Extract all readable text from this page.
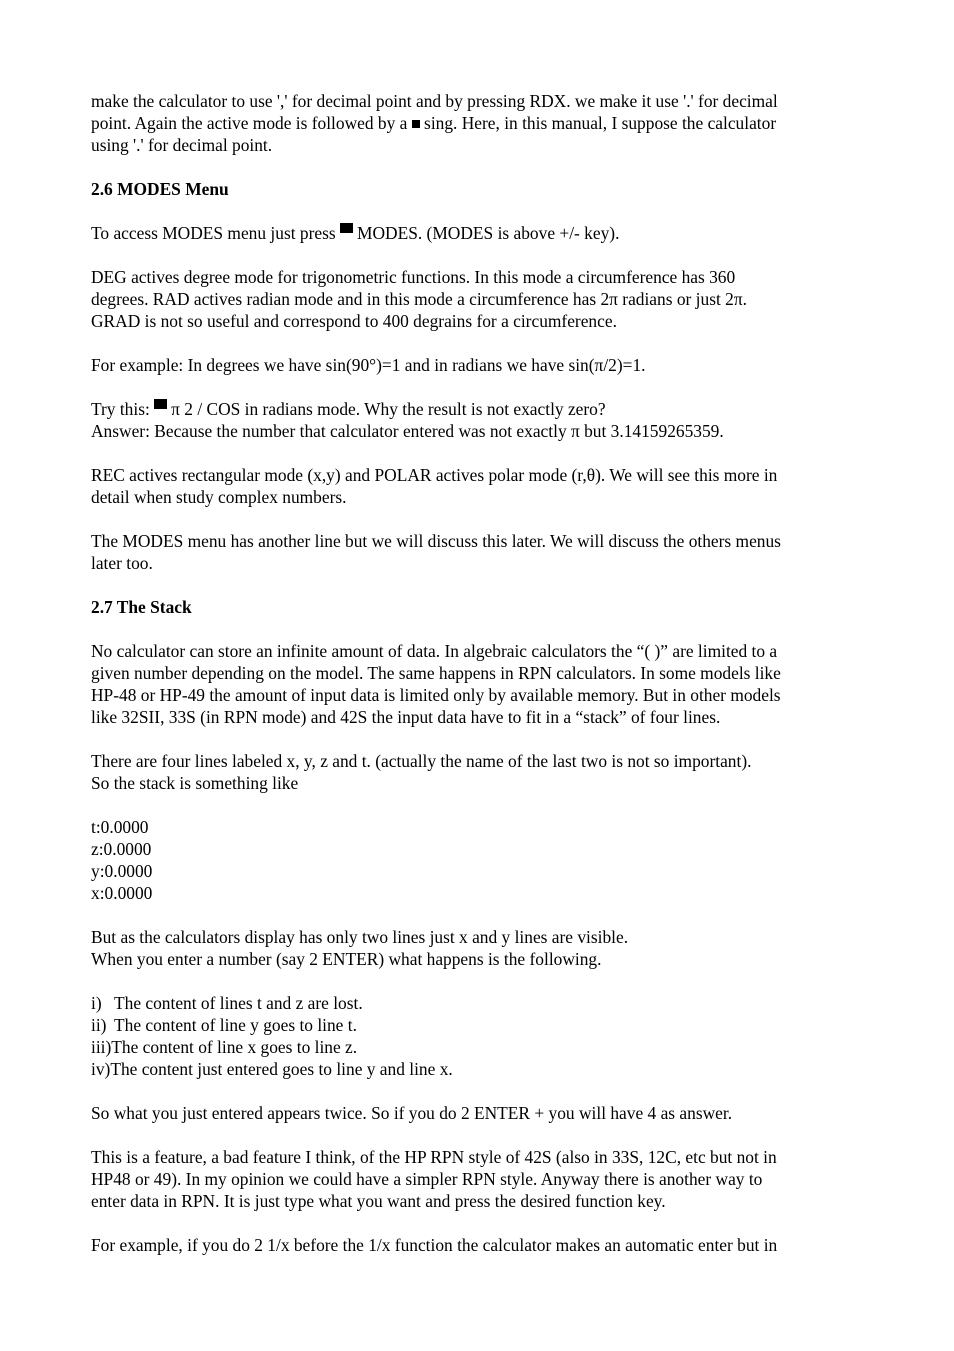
make the calculator to use ',' for decimal point and by pressing RDX. we make it use '.' for decimal
point. Again the active mode is followed by a  sing. Here, in this manual, I suppose the calculator
using '.' for decimal point.
2.6 MODES Menu
To access MODES menu just press MODES. (MODES is above +/- key).
DEG actives degree mode for trigonometric functions. In this mode a circumference has 360
degrees. RAD actives radian mode and in this mode a circumference has 2π radians or just 2π.
GRAD is not so useful and correspond to 400 degrains for a circumference.
For example: In degrees we have sin(90°)=1 and in radians we have sin(π/2)=1.
Try this: π 2 / COS in radians mode. Why the result is not exactly zero?
Answer: Because the number that calculator entered was not exactly π but 3.14159265359.
REC actives rectangular mode (x,y) and POLAR actives polar mode (r,θ). We will see this more in
detail when study complex numbers.
The MODES menu has another line but we will discuss this later. We will discuss the others menus
later too.
2.7 The Stack
No calculator can store an infinite amount of data. In algebraic calculators the “( )” are limited to a
given number depending on the model. The same happens in RPN calculators. In some models like
HP-48 or HP-49 the amount of input data is limited only by available memory. But in other models
like 32SII, 33S (in RPN mode) and 42S the input data have to fit in a “stack” of four lines.
There are four lines labeled x, y, z and t. (actually the name of the last two is not so important).
So the stack is something like
t:0.0000
z:0.0000
y:0.0000
x:0.0000
But as the calculators display has only two lines just x and y lines are visible.
When you enter a number (say 2 ENTER) what happens is the following.
i) The content of lines t and z are lost.
ii) The content of line y goes to line t.
iii)The content of line x goes to line z.
iv)The content just entered goes to line y and line x.
So what you just entered appears twice. So if you do 2 ENTER + you will have 4 as answer.
This is a feature, a bad feature I think, of the HP RPN style of 42S (also in 33S, 12C, etc but not in
HP48 or 49). In my opinion we could have a simpler RPN style. Anyway there is another way to
enter data in RPN. It is just type what you want and press the desired function key.
For example, if you do 2 1/x before the 1/x function the calculator makes an automatic enter but in
